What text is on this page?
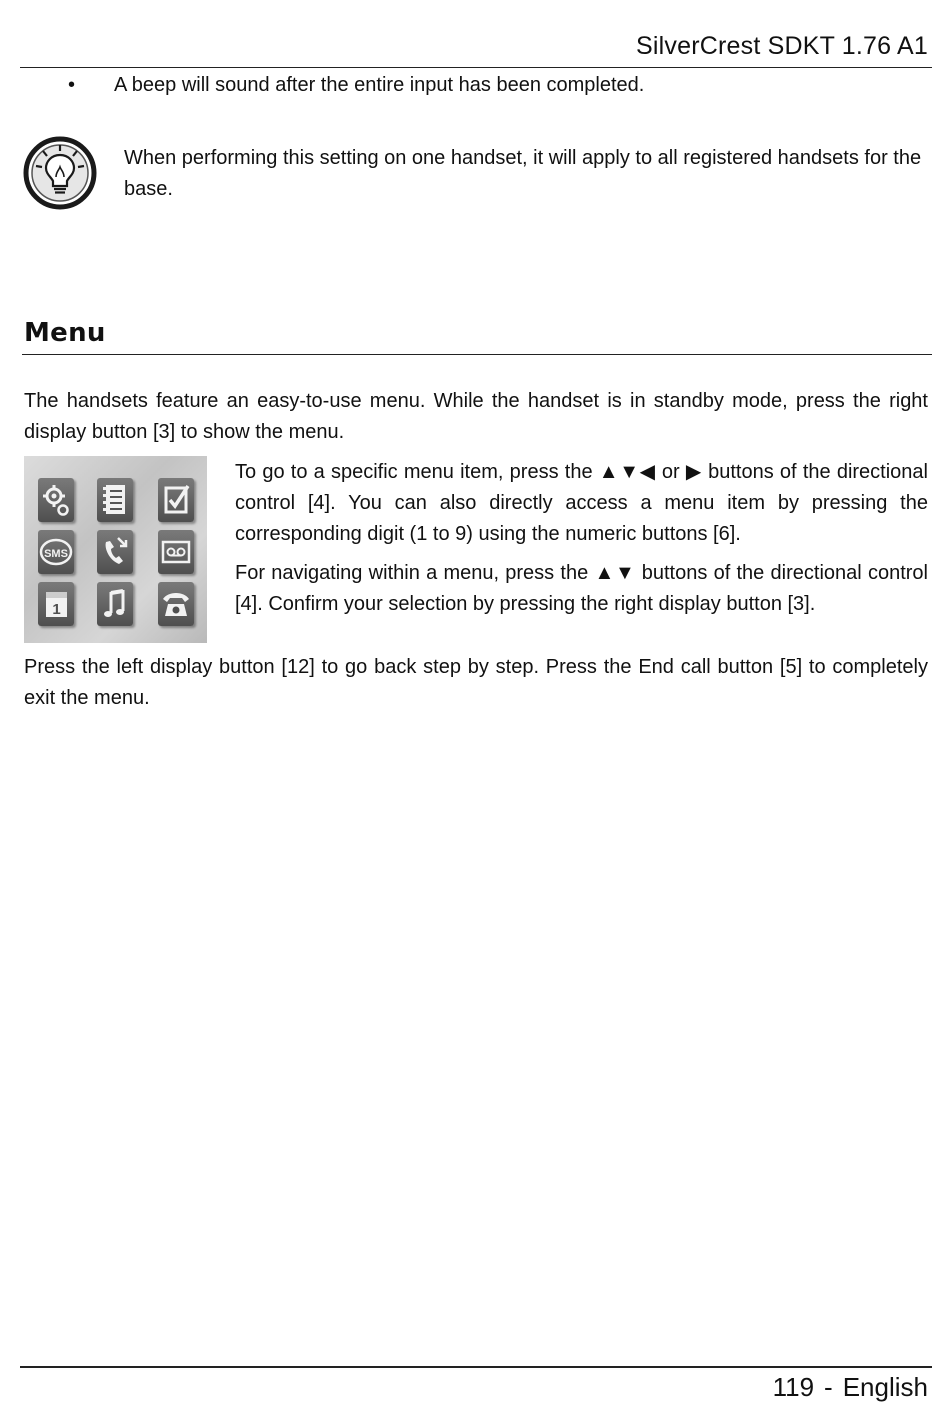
SilverCrest SDKT 1.76 A1
• A beep will sound after the entire input has been completed.
When performing this setting on one handset, it will apply to all registered handsets for the base.
Menu
The handsets feature an easy-to-use menu. While the handset is in standby mode, press the right display button [3] to show the menu.
SMS
1
To go to a specific menu item, press the ▲▼◀ or ▶ buttons of the directional control [4]. You can also directly access a menu item by pressing the corresponding digit (1 to 9) using the numeric buttons [6].
For navigating within a menu, press the ▲▼ buttons of the directional control [4]. Confirm your selection by pressing the right display button [3].
Press the left display button [12] to go back step by step. Press the End call button [5] to completely exit the menu.
119 - English
